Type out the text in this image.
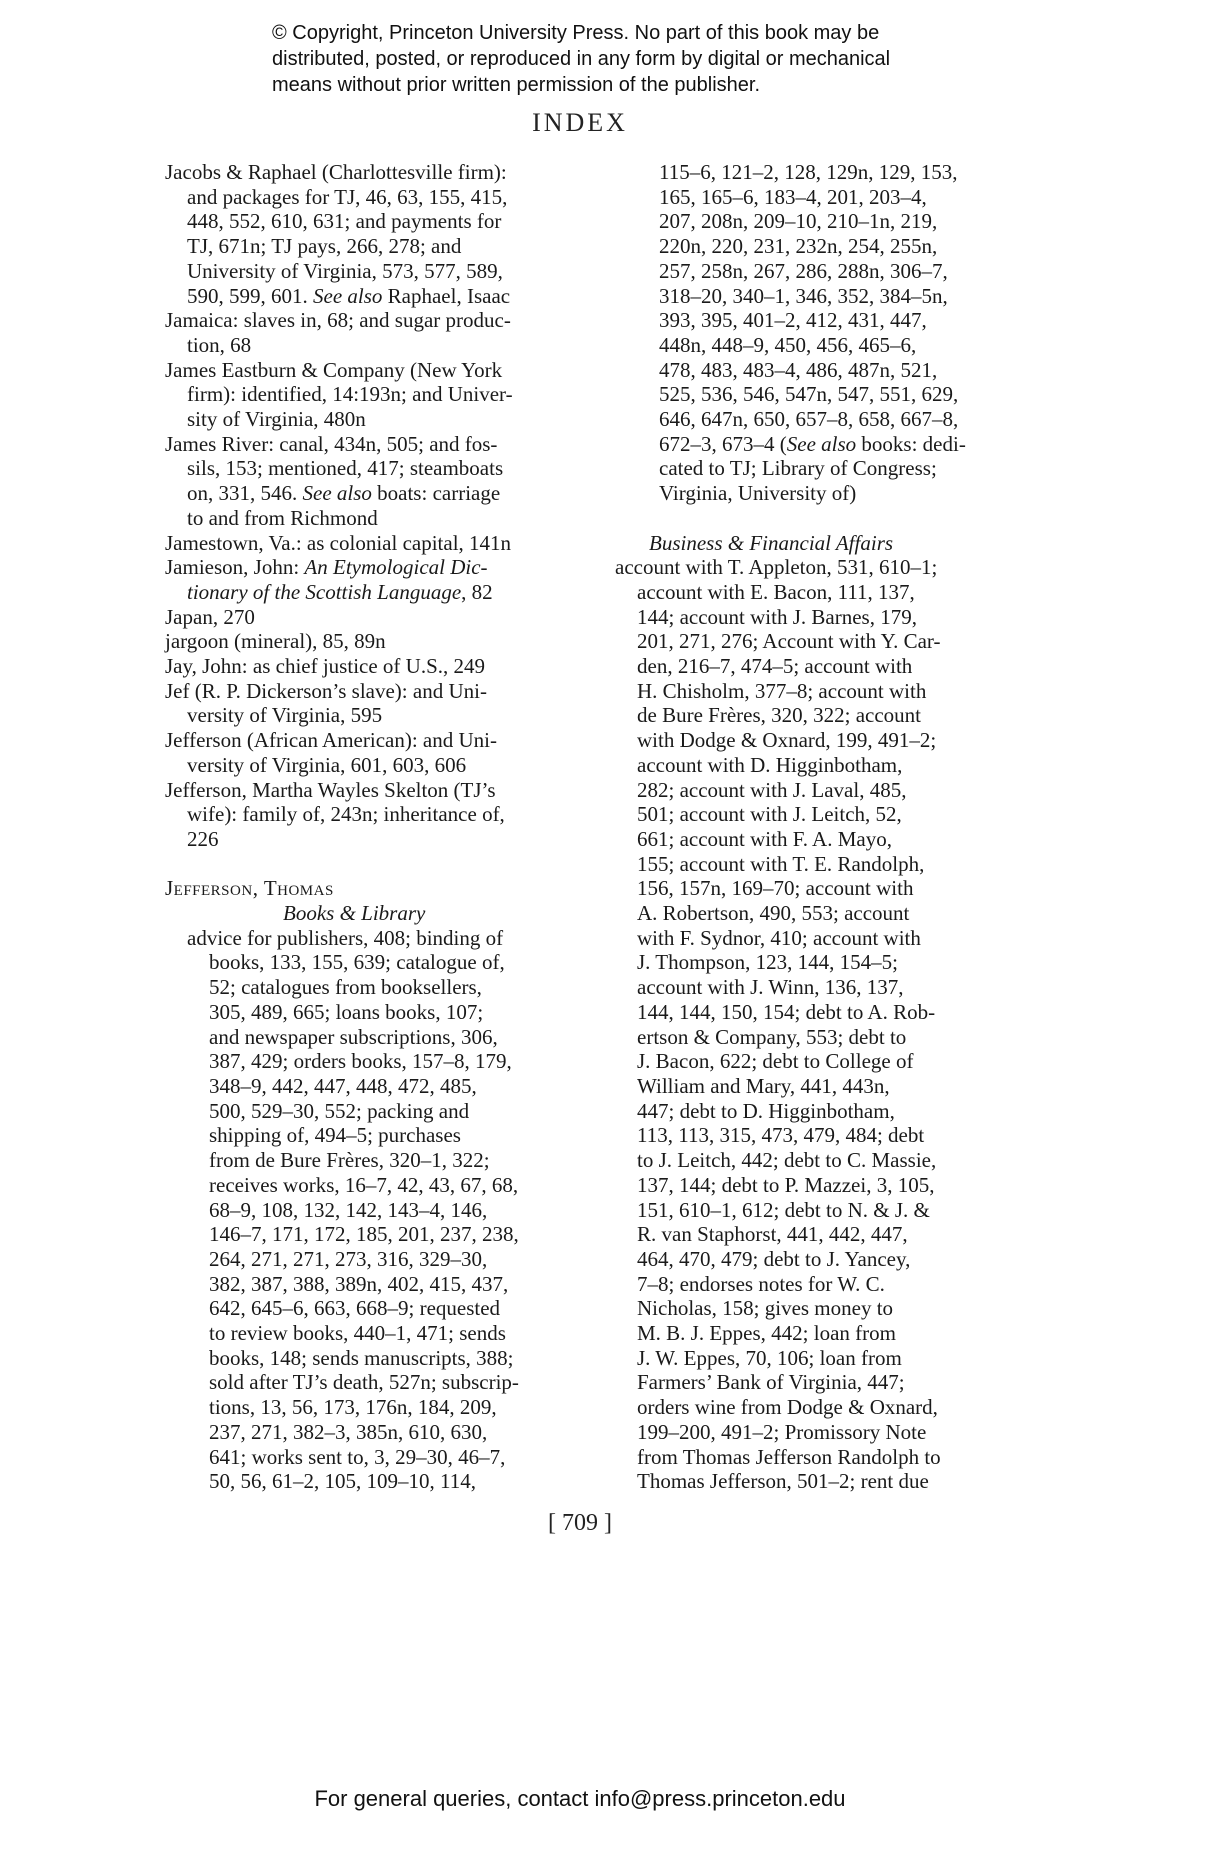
© Copyright, Princeton University Press. No part of this book may be
distributed, posted, or reproduced in any form by digital or mechanical
means without prior written permission of the publisher.
INDEX
Jacobs & Raphael (Charlottesville firm):
and packages for TJ, 46, 63, 155, 415,
448, 552, 610, 631; and payments for
TJ, 671n; TJ pays, 266, 278; and
University of Virginia, 573, 577, 589,
590, 599, 601. See also Raphael, Isaac
Jamaica: slaves in, 68; and sugar produc-
tion, 68
James Eastburn & Company (New York
firm): identified, 14:193n; and Univer-
sity of Virginia, 480n
James River: canal, 434n, 505; and fos-
sils, 153; mentioned, 417; steamboats
on, 331, 546. See also boats: carriage
to and from Richmond
Jamestown, Va.: as colonial capital, 141n
Jamieson, John: An Etymological Dic-
tionary of the Scottish Language, 82
Japan, 270
jargoon (mineral), 85, 89n
Jay, John: as chief justice of U.S., 249
Jef (R. P. Dickerson’s slave): and Uni-
versity of Virginia, 595
Jefferson (African American): and Uni-
versity of Virginia, 601, 603, 606
Jefferson, Martha Wayles Skelton (TJ’s
wife): family of, 243n; inheritance of,
226
Jefferson, Thomas
Books & Library
advice for publishers, 408; binding of
books, 133, 155, 639; catalogue of,
52; catalogues from booksellers,
305, 489, 665; loans books, 107;
and newspaper subscriptions, 306,
387, 429; orders books, 157–8, 179,
348–9, 442, 447, 448, 472, 485,
500, 529–30, 552; packing and
shipping of, 494–5; purchases
from de Bure Frères, 320–1, 322;
receives works, 16–7, 42, 43, 67, 68,
68–9, 108, 132, 142, 143–4, 146,
146–7, 171, 172, 185, 201, 237, 238,
264, 271, 271, 273, 316, 329–30,
382, 387, 388, 389n, 402, 415, 437,
642, 645–6, 663, 668–9; requested
to review books, 440–1, 471; sends
books, 148; sends manuscripts, 388;
sold after TJ’s death, 527n; subscrip-
tions, 13, 56, 173, 176n, 184, 209,
237, 271, 382–3, 385n, 610, 630,
641; works sent to, 3, 29–30, 46–7,
50, 56, 61–2, 105, 109–10, 114,
115–6, 121–2, 128, 129n, 129, 153,
165, 165–6, 183–4, 201, 203–4,
207, 208n, 209–10, 210–1n, 219,
220n, 220, 231, 232n, 254, 255n,
257, 258n, 267, 286, 288n, 306–7,
318–20, 340–1, 346, 352, 384–5n,
393, 395, 401–2, 412, 431, 447,
448n, 448–9, 450, 456, 465–6,
478, 483, 483–4, 486, 487n, 521,
525, 536, 546, 547n, 547, 551, 629,
646, 647n, 650, 657–8, 658, 667–8,
672–3, 673–4 (See also books: dedi-
cated to TJ; Library of Congress;
Virginia, University of)
Business & Financial Affairs
account with T. Appleton, 531, 610–1;
account with E. Bacon, 111, 137,
144; account with J. Barnes, 179,
201, 271, 276; Account with Y. Car-
den, 216–7, 474–5; account with
H. Chisholm, 377–8; account with
de Bure Frères, 320, 322; account
with Dodge & Oxnard, 199, 491–2;
account with D. Higginbotham,
282; account with J. Laval, 485,
501; account with J. Leitch, 52,
661; account with F. A. Mayo,
155; account with T. E. Randolph,
156, 157n, 169–70; account with
A. Robertson, 490, 553; account
with F. Sydnor, 410; account with
J. Thompson, 123, 144, 154–5;
account with J. Winn, 136, 137,
144, 144, 150, 154; debt to A. Rob-
ertson & Company, 553; debt to
J. Bacon, 622; debt to College of
William and Mary, 441, 443n,
447; debt to D. Higginbotham,
113, 113, 315, 473, 479, 484; debt
to J. Leitch, 442; debt to C. Massie,
137, 144; debt to P. Mazzei, 3, 105,
151, 610–1, 612; debt to N. & J. &
R. van Staphorst, 441, 442, 447,
464, 470, 479; debt to J. Yancey,
7–8; endorses notes for W. C.
Nicholas, 158; gives money to
M. B. J. Eppes, 442; loan from
J. W. Eppes, 70, 106; loan from
Farmers’ Bank of Virginia, 447;
orders wine from Dodge & Oxnard,
199–200, 491–2; Promissory Note
from Thomas Jefferson Randolph to
Thomas Jefferson, 501–2; rent due
[ 709 ]
For general queries, contact info@press.princeton.edu
